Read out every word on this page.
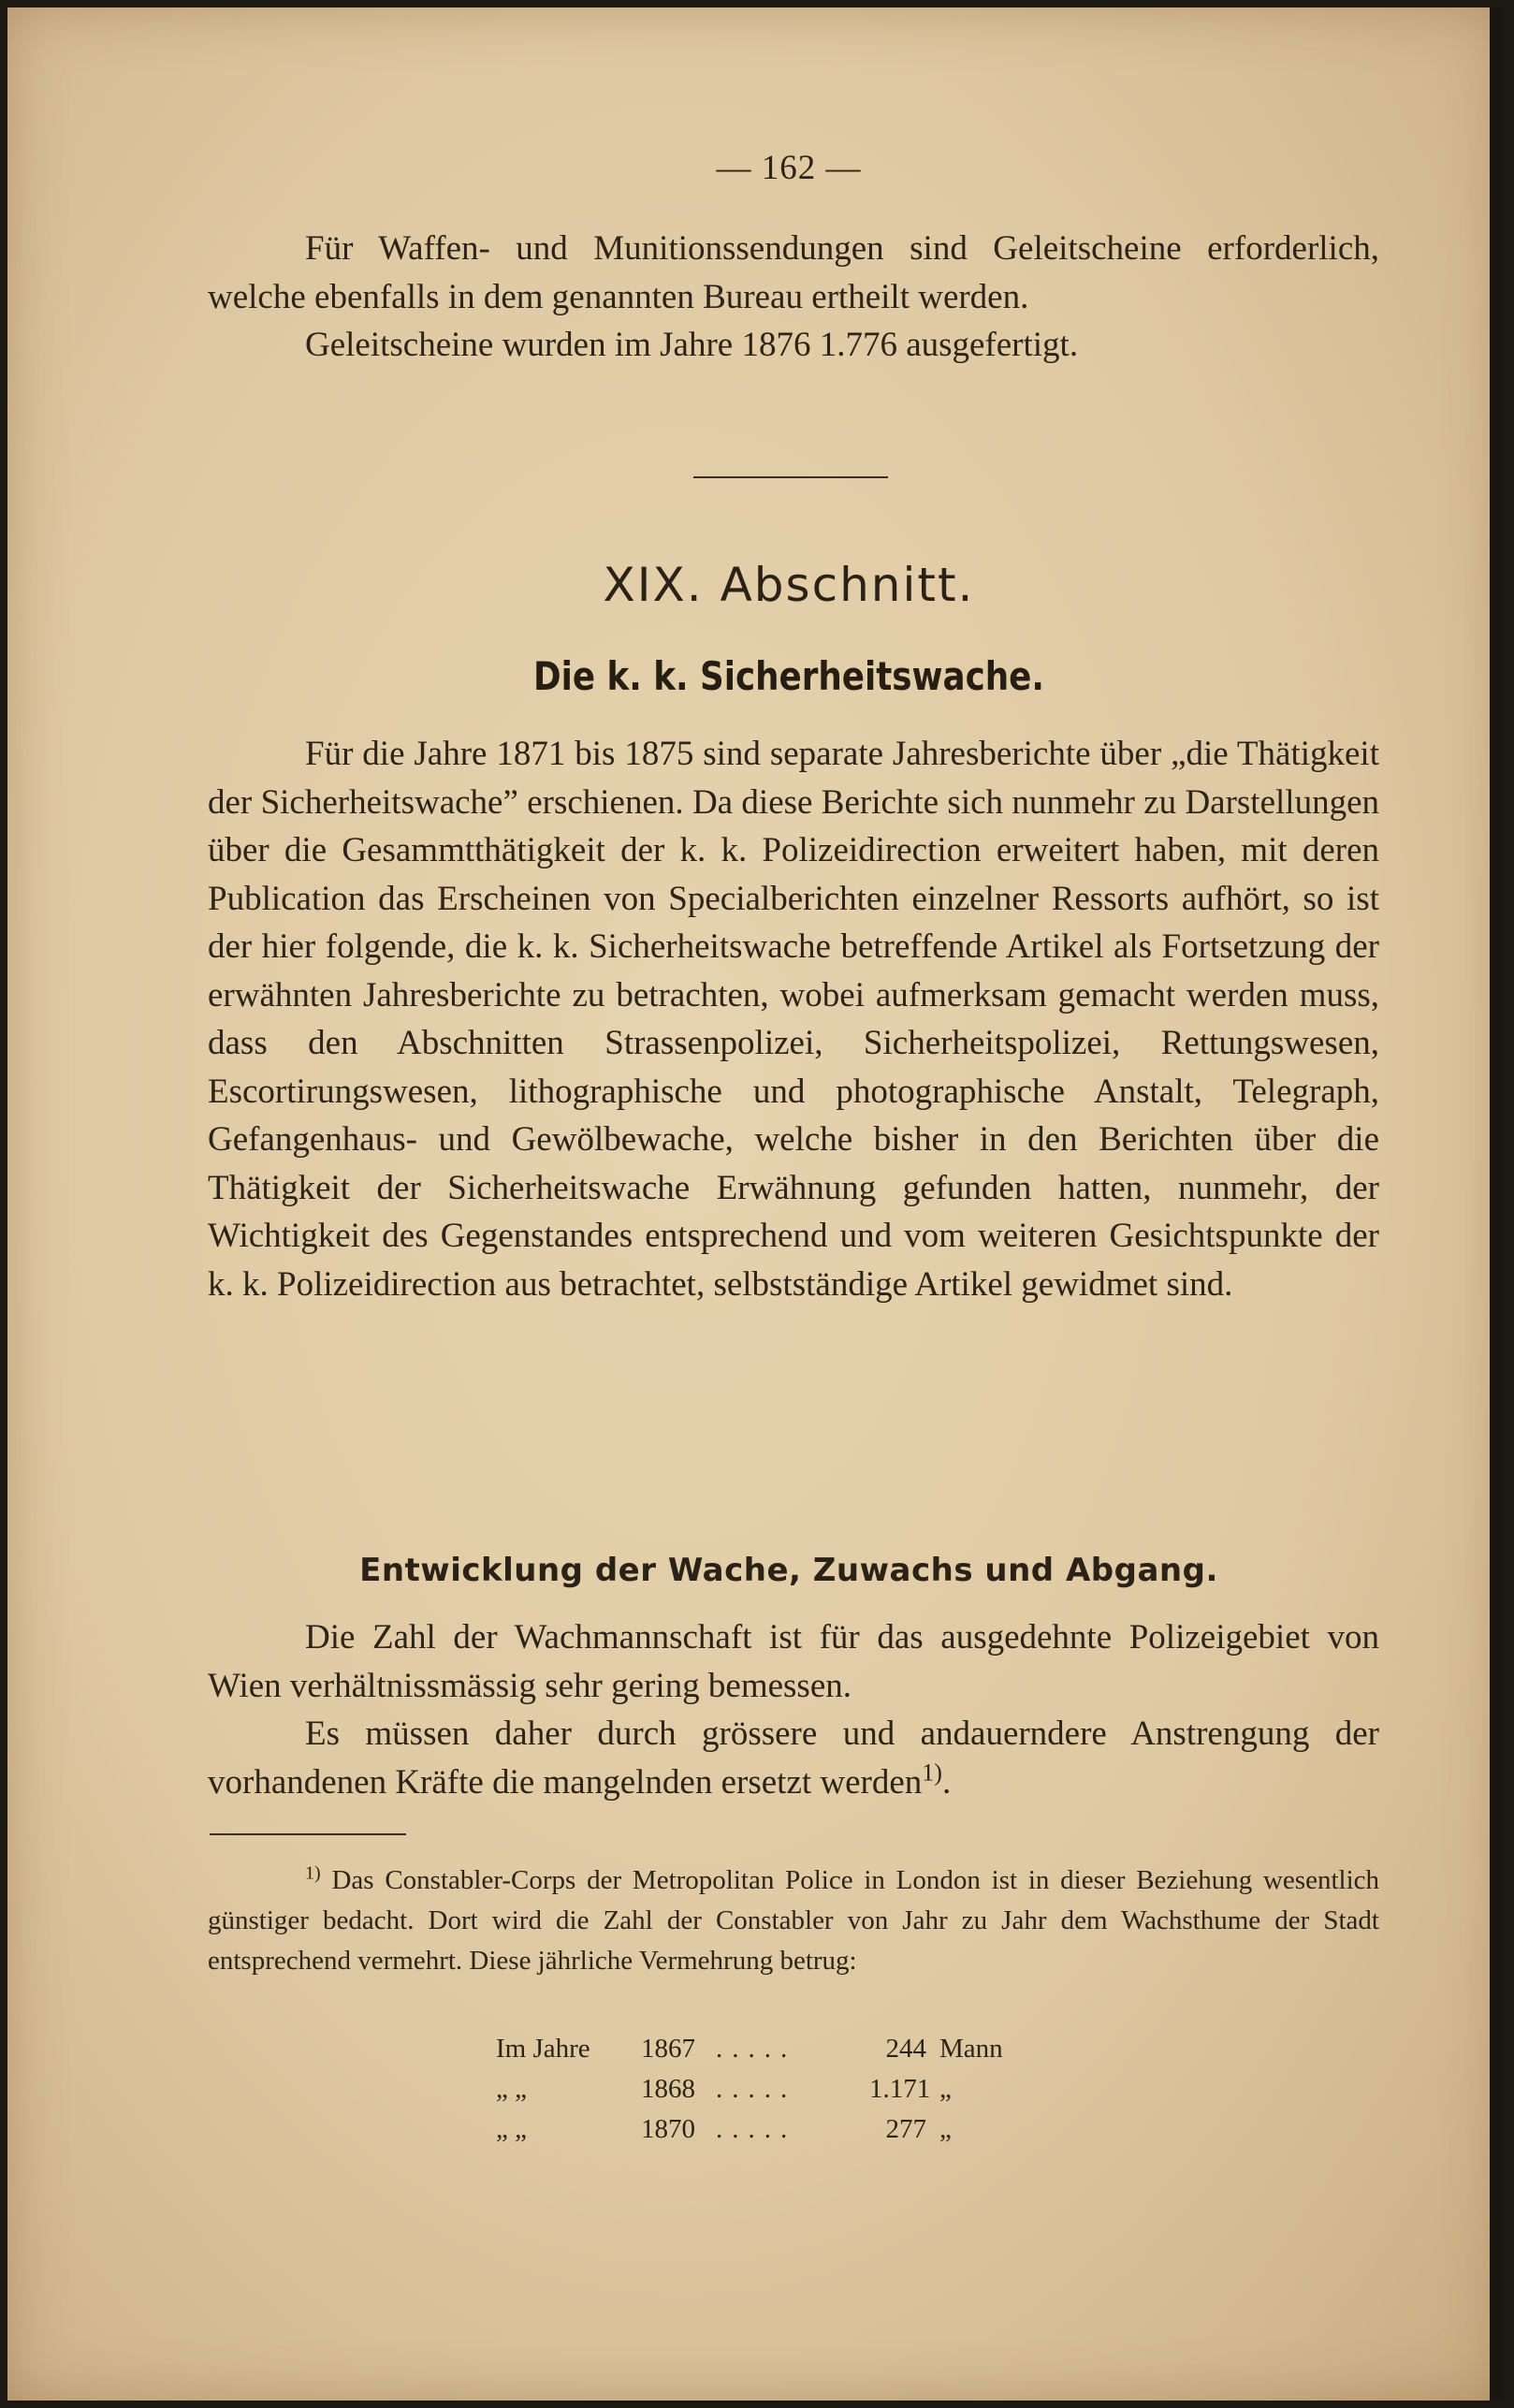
— 162 —

Für Waffen- und Munitionssendungen sind Geleitscheine erforderlich, welche ebenfalls in dem genannten Bureau ertheilt werden.

Geleitscheine wurden im Jahre 1876 1.776 ausgefertigt.

XIX. Abschnitt.
Die k. k. Sicherheitswache.

Für die Jahre 1871 bis 1875 sind separate Jahresberichte über „die Thätigkeit der Sicherheitswache” erschienen. Da diese Berichte sich nunmehr zu Darstellungen über die Gesammtthätigkeit der k. k. Polizeidirection erweitert haben, mit deren Publication das Erscheinen von Specialberichten einzelner Ressorts aufhört, so ist der hier folgende, die k. k. Sicherheitswache betreffende Artikel als Fortsetzung der erwähnten Jahresberichte zu betrachten, wobei aufmerksam gemacht werden muss, dass den Abschnitten Strassenpolizei, Sicherheitspolizei, Rettungswesen, Escortirungswesen, lithographische und photographische Anstalt, Telegraph, Gefangenhaus- und Gewölbewache, welche bisher in den Berichten über die Thätigkeit der Sicherheitswache Erwähnung gefunden hatten, nunmehr, der Wichtigkeit des Gegenstandes entsprechend und vom weiteren Gesichtspunkte der k. k. Polizeidirection aus betrachtet, selbstständige Artikel gewidmet sind.

Entwicklung der Wache, Zuwachs und Abgang.

Die Zahl der Wachmannschaft ist für das ausgedehnte Polizeigebiet von Wien verhältnissmässig sehr gering bemessen.

Es müssen daher durch grössere und andauerndere Anstrengung der vorhandenen Kräfte die mangelnden ersetzt werden$^{1)}$.

$^{1)}$ Das Constabler-Corps der Metropolitan Police in London ist in dieser Beziehung wesentlich günstiger bedacht. Dort wird die Zahl der Constabler von Jahr zu Jahr dem Wachsthume der Stadt entsprechend vermehrt. Diese jährliche Vermehrung betrug:

Im Jahre	1867 .....	244 Mann
„ „	1868 .....	1.171 „
„ „	1870 .....	277 „
